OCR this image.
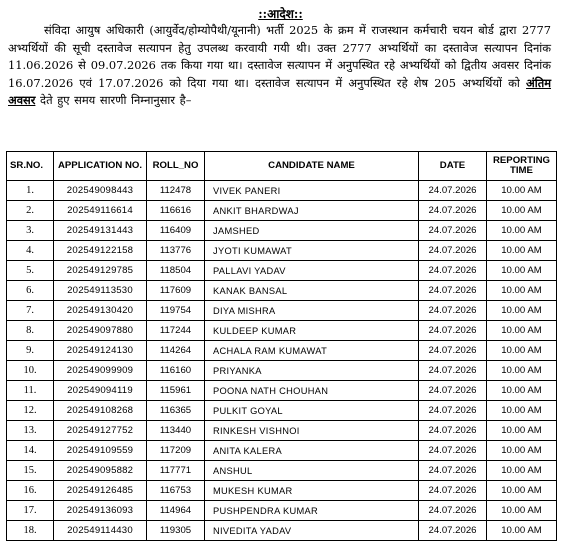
::आदेश::
संविदा आयुष अधिकारी (आयुर्वेद/होम्योपैथी/यूनानी) भर्ती 2025 के क्रम में राजस्थान कर्मचारी चयन बोर्ड द्वारा 2777 अभ्यर्थियों की सूची दस्तावेज सत्यापन हेतु उपलब्ध करवायी गयी थी। उक्त 2777 अभ्यर्थियों का दस्तावेज सत्यापन दिनांक 11.06.2026 से 09.07.2026 तक किया गया था। दस्तावेज सत्यापन में अनुपस्थित रहे अभ्यर्थियों को द्वितीय अवसर दिनांक 16.07.2026 एवं 17.07.2026 को दिया गया था। दस्तावेज सत्यापन में अनुपस्थित रहे शेष 205 अभ्यर्थियों को अंतिम अवसर देते हुए समय सारणी निम्नानुसार है–
SR.NO.	APPLICATION NO.	ROLL_NO	CANDIDATE NAME	DATE	REPORTING TIME
1.	202549098443	112478	VIVEK PANERI	24.07.2026	10.00 AM
2.	202549116614	116616	ANKIT BHARDWAJ	24.07.2026	10.00 AM
3.	202549131443	116409	JAMSHED	24.07.2026	10.00 AM
4.	202549122158	113776	JYOTI KUMAWAT	24.07.2026	10.00 AM
5.	202549129785	118504	PALLAVI YADAV	24.07.2026	10.00 AM
6.	202549113530	117609	KANAK BANSAL	24.07.2026	10.00 AM
7.	202549130420	119754	DIYA MISHRA	24.07.2026	10.00 AM
8.	202549097880	117244	KULDEEP KUMAR	24.07.2026	10.00 AM
9.	202549124130	114264	ACHALA RAM KUMAWAT	24.07.2026	10.00 AM
10.	202549099909	116160	PRIYANKA	24.07.2026	10.00 AM
11.	202549094119	115961	POONA NATH CHOUHAN	24.07.2026	10.00 AM
12.	202549108268	116365	PULKIT GOYAL	24.07.2026	10.00 AM
13.	202549127752	113440	RINKESH VISHNOI	24.07.2026	10.00 AM
14.	202549109559	117209	ANITA KALERA	24.07.2026	10.00 AM
15.	202549095882	117771	ANSHUL	24.07.2026	10.00 AM
16.	202549126485	116753	MUKESH KUMAR	24.07.2026	10.00 AM
17.	202549136093	114964	PUSHPENDRA KUMAR	24.07.2026	10.00 AM
18.	202549114430	119305	NIVEDITA YADAV	24.07.2026	10.00 AM
